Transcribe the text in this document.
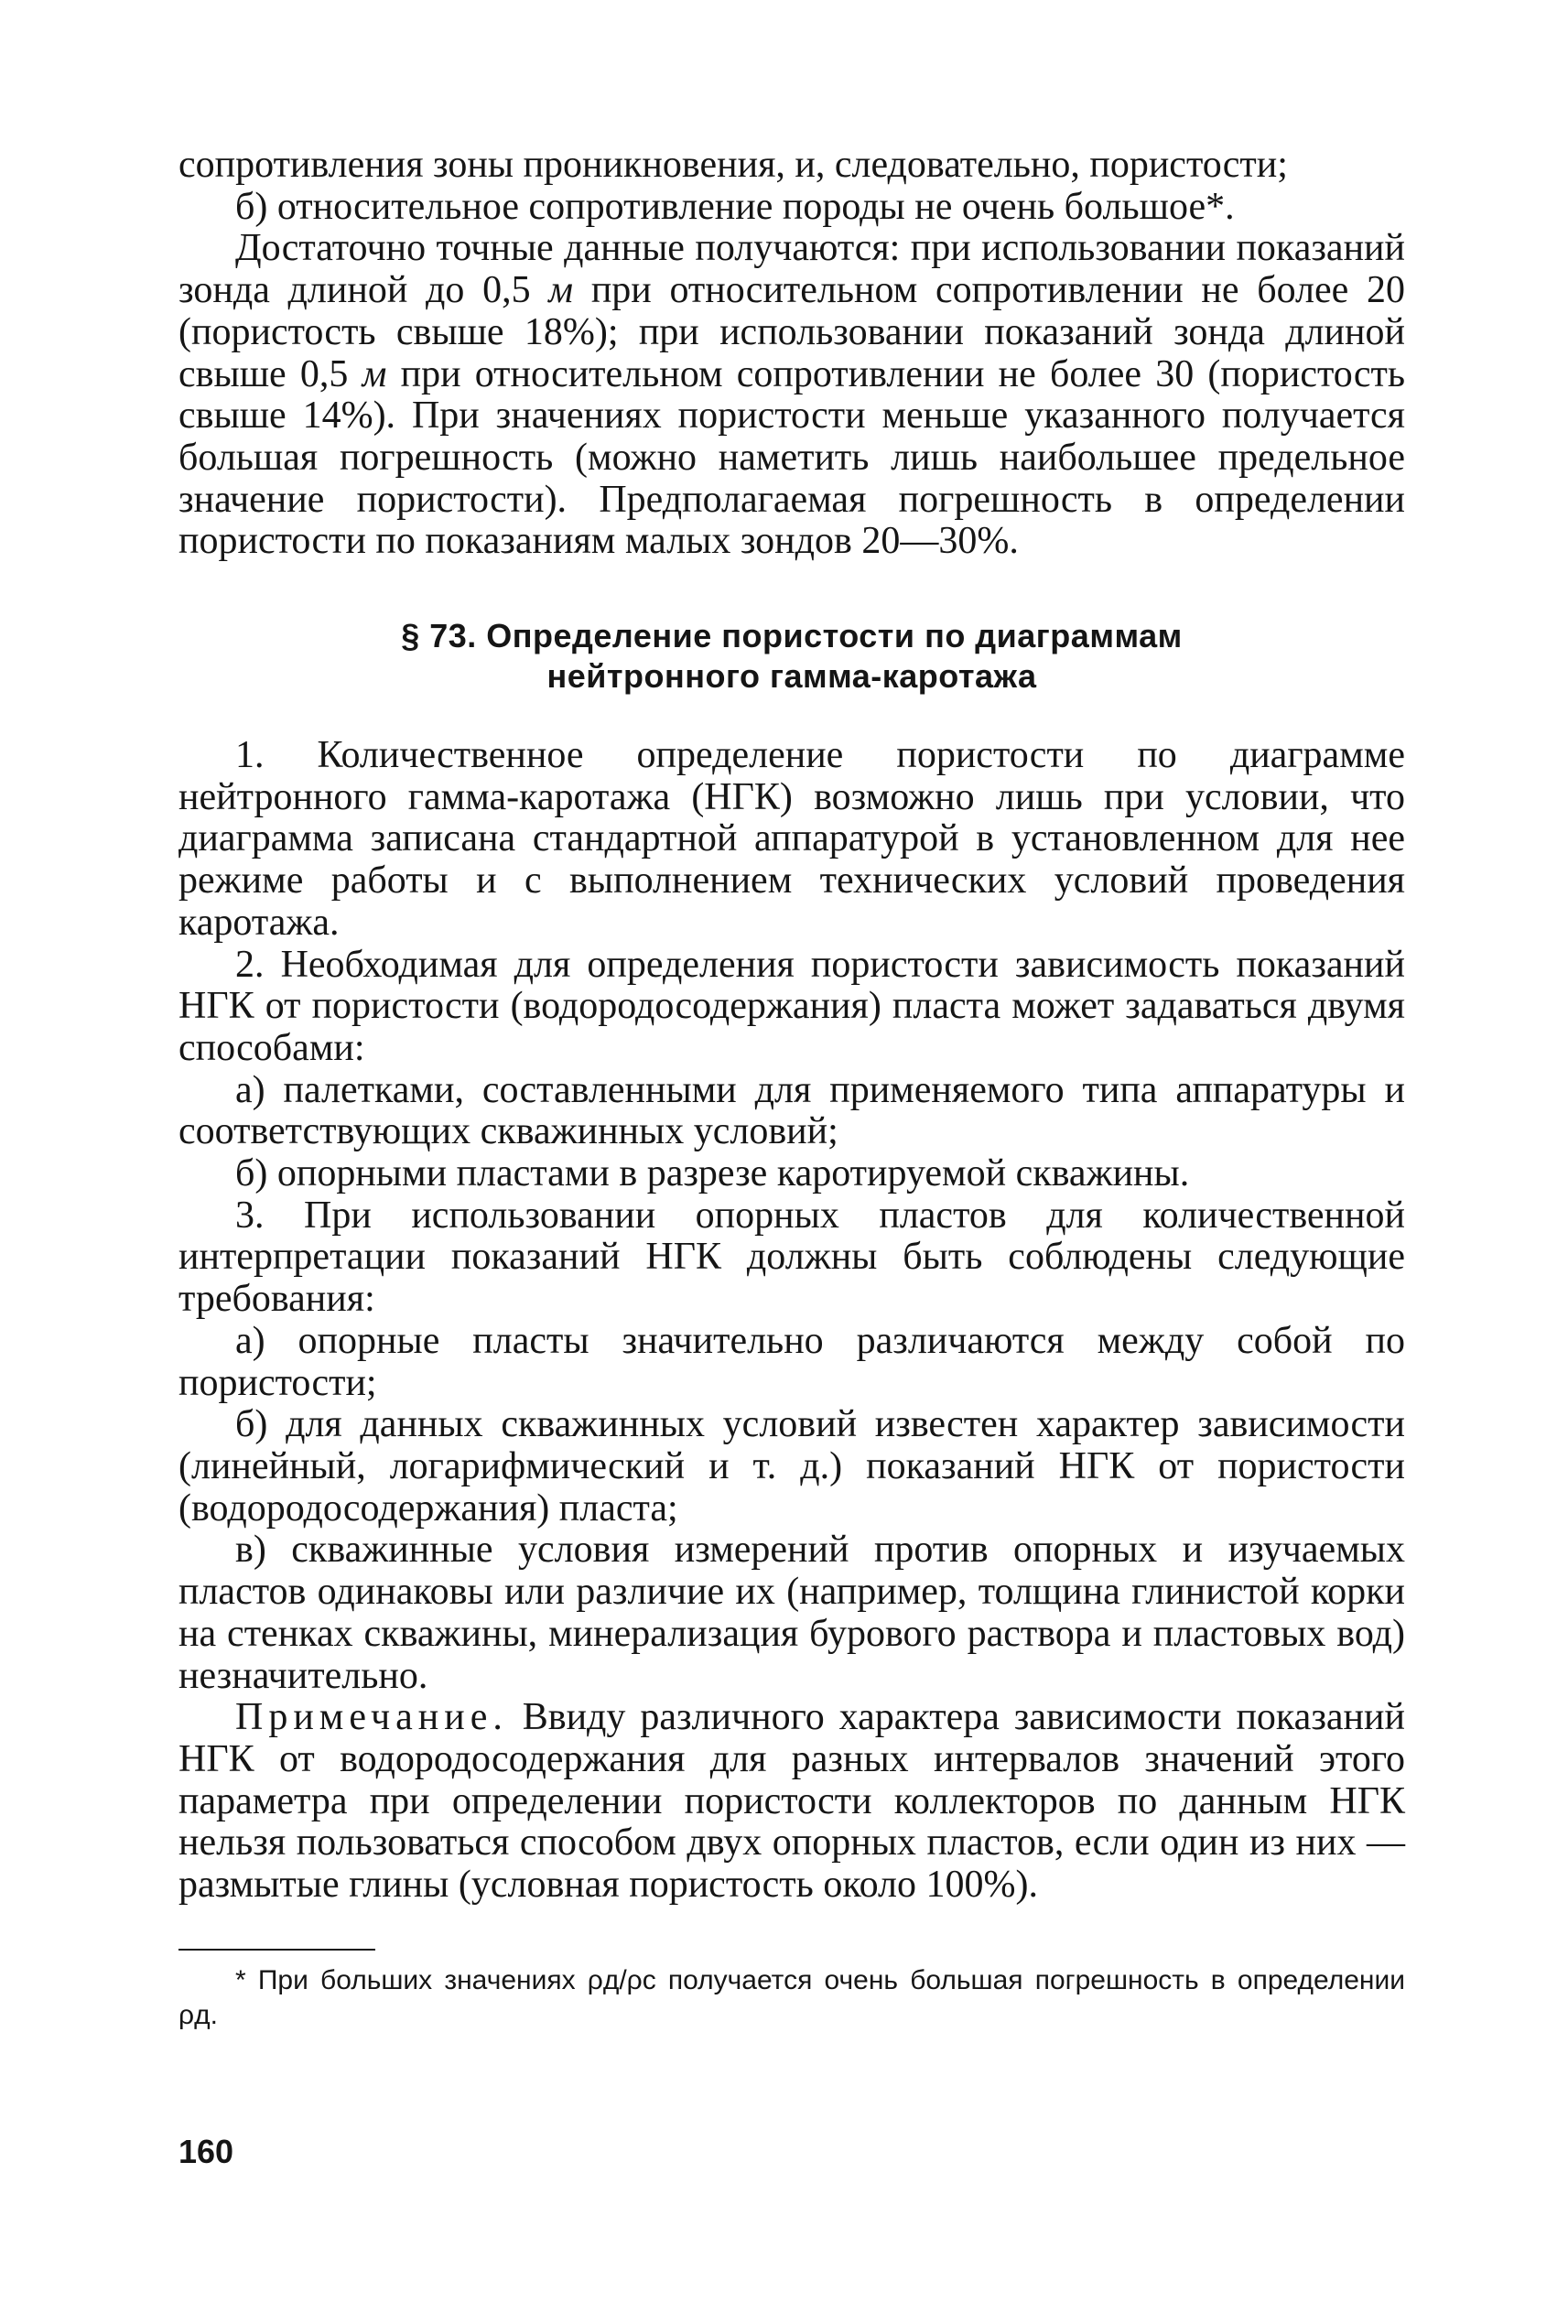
сопротивления зоны проникновения, и, следовательно, пористости;

б) относительное сопротивление породы не очень большое*.

Достаточно точные данные получаются: при использовании показаний зонда длиной до 0,5 м при относительном сопротивлении не более 20 (пористость свыше 18%); при использовании показаний зонда длиной свыше 0,5 м при относительном сопротивлении не более 30 (пористость свыше 14%). При значениях пористости меньше указанного получается большая погрешность (можно наметить лишь наибольшее предельное значение пористости). Предполагаемая погрешность в определении пористости по показаниям малых зондов 20—30%.

§ 73. Определение пористости по диаграммам
нейтронного гамма-каротажа

1. Количественное определение пористости по диаграмме нейтронного гамма-каротажа (НГК) возможно лишь при условии, что диаграмма записана стандартной аппаратурой в установленном для нее режиме работы и с выполнением технических условий проведения каротажа.

2. Необходимая для определения пористости зависимость показаний НГК от пористости (водородосодержания) пласта может задаваться двумя способами:

а) палетками, составленными для применяемого типа аппаратуры и соответствующих скважинных условий;

б) опорными пластами в разрезе каротируемой скважины.

3. При использовании опорных пластов для количественной интерпретации показаний НГК должны быть соблюдены следующие требования:

а) опорные пласты значительно различаются между собой по пористости;

б) для данных скважинных условий известен характер зависимости (линейный, логарифмический и т. д.) показаний НГК от пористости (водородосодержания) пласта;

в) скважинные условия измерений против опорных и изучаемых пластов одинаковы или различие их (например, толщина глинистой корки на стенках скважины, минерализация бурового раствора и пластовых вод) незначительно.

Примечание. Ввиду различного характера зависимости показаний НГК от водородосодержания для разных интервалов значений этого параметра при определении пористости коллекторов по данным НГК нельзя пользоваться способом двух опорных пластов, если один из них — размытые глины (условная пористость около 100%).

* При больших значениях ρд/ρс получается очень большая погрешность в определении ρд.

160
